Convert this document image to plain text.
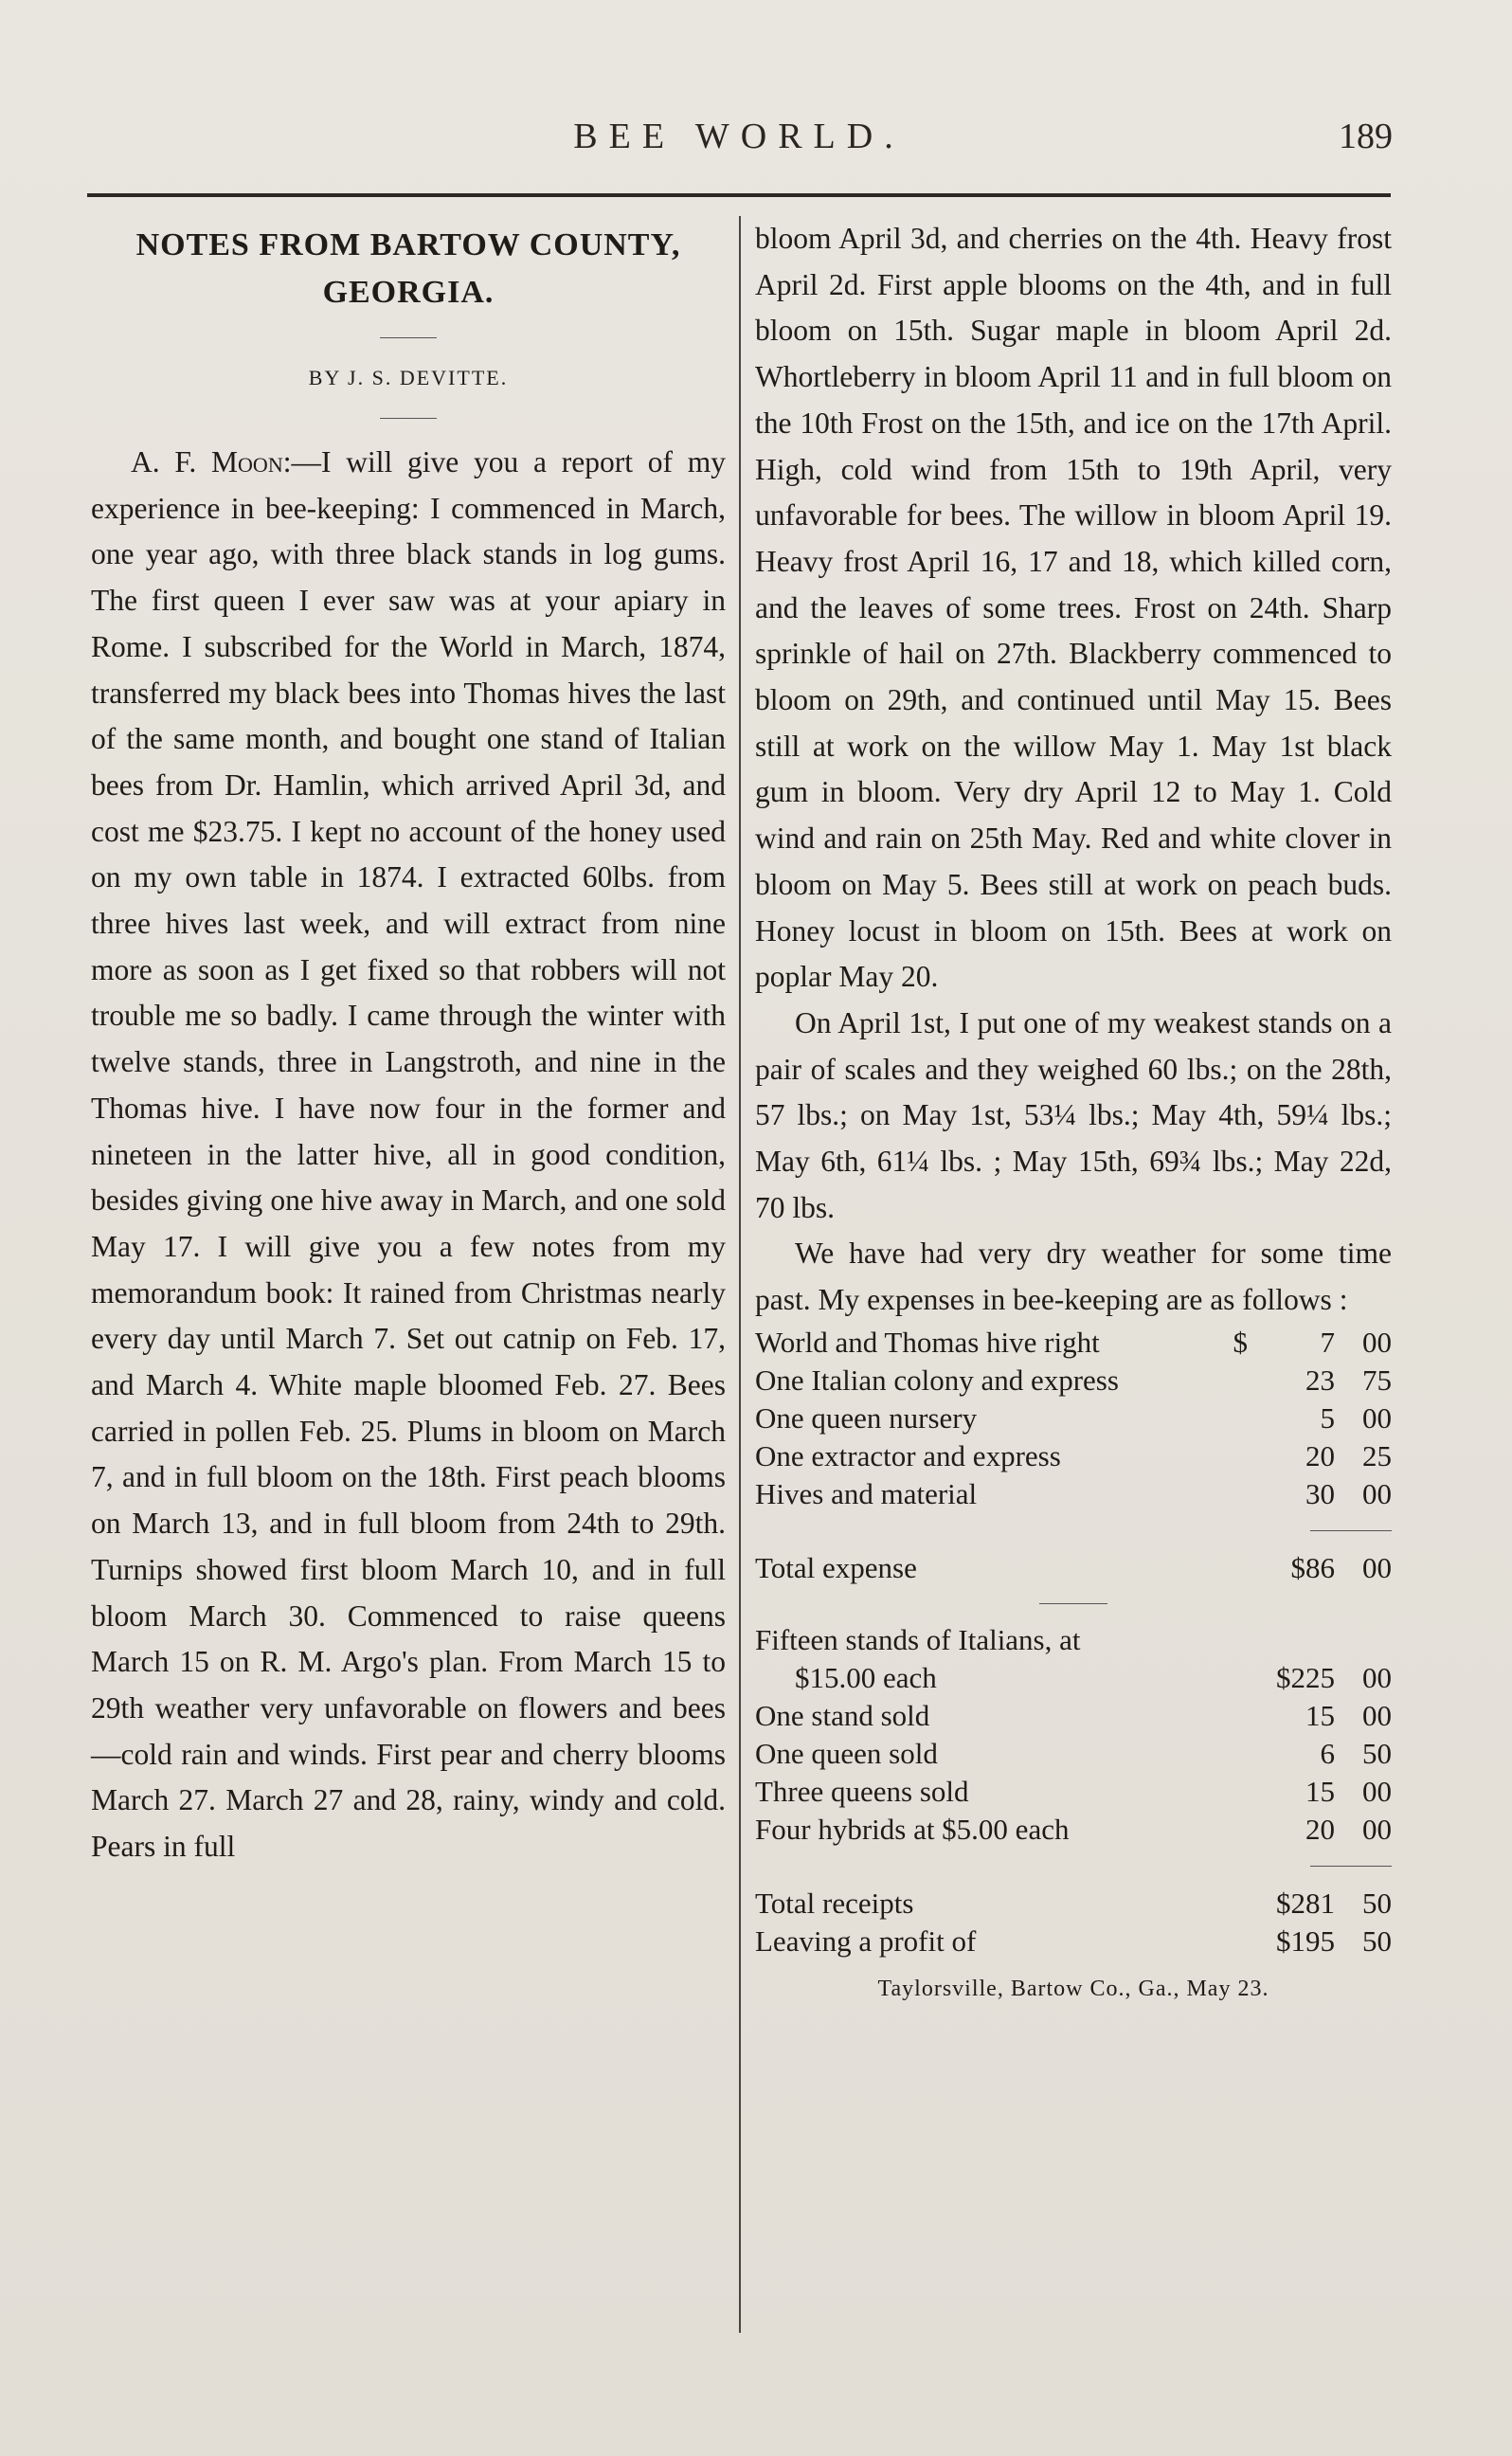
BEE WORLD.	189
NOTES FROM BARTOW COUNTY, GEORGIA.
BY J. S. DEVITTE.

A. F. Moon:—I will give you a report of my experience in bee-keeping: I commenced in March, one year ago, with three black stands in log gums. The first queen I ever saw was at your apiary in Rome. I subscribed for the World in March, 1874, transferred my black bees into Thomas hives the last of the same month, and bought one stand of Italian bees from Dr. Hamlin, which arrived April 3d, and cost me $23.75. I kept no account of the honey used on my own table in 1874. I extracted 60lbs. from three hives last week, and will extract from nine more as soon as I get fixed so that robbers will not trouble me so badly. I came through the winter with twelve stands, three in Langstroth, and nine in the Thomas hive. I have now four in the former and nineteen in the latter hive, all in good condition, besides giving one hive away in March, and one sold May 17. I will give you a few notes from my memorandum book: It rained from Christmas nearly every day until March 7. Set out catnip on Feb. 17, and March 4. White maple bloomed Feb. 27. Bees carried in pollen Feb. 25. Plums in bloom on March 7, and in full bloom on the 18th. First peach blooms on March 13, and in full bloom from 24th to 29th. Turnips showed first bloom March 10, and in full bloom March 30. Commenced to raise queens March 15 on R. M. Argo's plan. From March 15 to 29th weather very unfavorable on flowers and bees—cold rain and winds. First pear and cherry blooms March 27. March 27 and 28, rainy, windy and cold. Pears in full

bloom April 3d, and cherries on the 4th. Heavy frost April 2d. First apple blooms on the 4th, and in full bloom on 15th. Sugar maple in bloom April 2d. Whortleberry in bloom April 11 and in full bloom on the 10th Frost on the 15th, and ice on the 17th April. High, cold wind from 15th to 19th April, very unfavorable for bees. The willow in bloom April 19. Heavy frost April 16, 17 and 18, which killed corn, and the leaves of some trees. Frost on 24th. Sharp sprinkle of hail on 27th. Blackberry commenced to bloom on 29th, and continued until May 15. Bees still at work on the willow May 1. May 1st black gum in bloom. Very dry April 12 to May 1. Cold wind and rain on 25th May. Red and white clover in bloom on May 5. Bees still at work on peach buds. Honey locust in bloom on 15th. Bees at work on poplar May 20.

On April 1st, I put one of my weakest stands on a pair of scales and they weighed 60 lbs.; on the 28th, 57 lbs.; on May 1st, 53¼ lbs.; May 4th, 59¼ lbs.; May 6th, 61¼ lbs. ; May 15th, 69¾ lbs.; May 22d, 70 lbs.

We have had very dry weather for some time past. My expenses in bee-keeping are as follows :

World and Thomas hive right	$	7	00
One Italian colony and express		23	75
One queen nursery		5	00
One extractor and express		20	25
Hives and material		30	00

Total expense		$86	00

Fifteen stands of Italians, at			
$15.00 each		$225	00
One stand sold		15	00
One queen sold		6	50
Three queens sold		15	00
Four hybrids at $5.00 each		20	00

Total receipts		$281	50
Leaving a profit of		$195	50
Taylorsville, Bartow Co., Ga., May 23.
